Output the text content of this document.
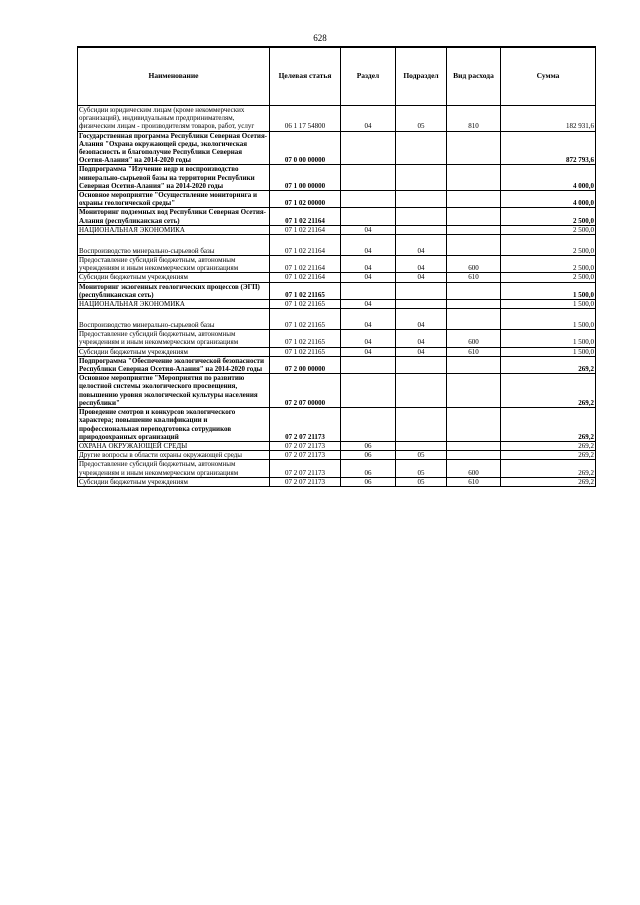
628
Наименование	Целевая статья	Раздел	Подраздел	Вид расхода	Сумма
Субсидии юридическим лицам (кроме некоммерческих организаций), индивидуальным предпринимателям, физическим лицам - производителям товаров, работ, услуг	06 1 17 54800	04	05	810	182 931,6
Государственная программа Республики Северная Осетия-Алания "Охрана окружающей среды, экологическая безопасность и благополучие Республики Северная Осетия-Алания" на 2014-2020 годы	07 0 00 00000				872 793,6
Подпрограмма "Изучение недр и воспроизводство минерально-сырьевой базы на территории Республики Северная Осетия-Алания" на 2014-2020 годы	07 1 00 00000				4 000,0
Основное мероприятие "Осуществление мониторинга и охраны геологической среды"	07 1 02 00000				4 000,0
Мониторинг подземных вод Республики Северная Осетия-Алания (республиканская сеть)	07 1 02 21164				2 500,0
НАЦИОНАЛЬНАЯ ЭКОНОМИКА	07 1 02 21164	04			2 500,0
Воспроизводство минерально-сырьевой базы	07 1 02 21164	04	04		2 500,0
Предоставление субсидий бюджетным, автономным учреждениям и иным некоммерческим организациям	07 1 02 21164	04	04	600	2 500,0
Субсидии бюджетным учреждениям	07 1 02 21164	04	04	610	2 500,0
Мониторинг экзогенных геологических процессов (ЭГП) (республиканская сеть)	07 1 02 21165				1 500,0
НАЦИОНАЛЬНАЯ ЭКОНОМИКА	07 1 02 21165	04			1 500,0
Воспроизводство минерально-сырьевой базы	07 1 02 21165	04	04		1 500,0
Предоставление субсидий бюджетным, автономным учреждениям и иным некоммерческим организациям	07 1 02 21165	04	04	600	1 500,0
Субсидии бюджетным учреждениям	07 1 02 21165	04	04	610	1 500,0
Подпрограмма "Обеспечение экологической безопасности Республики Северная Осетия-Алания" на 2014-2020 годы	07 2 00 00000				269,2
Основное мероприятие "Мероприятия по развитию целостной системы экологического просвещения, повышению уровня экологической культуры населения республики"	07 2 07 00000				269,2
Проведение смотров и конкурсов экологического характера; повышение квалификации и профессиональная переподготовка сотрудников природоохранных организаций	07 2 07 21173				269,2
ОХРАНА ОКРУЖАЮЩЕЙ СРЕДЫ	07 2 07 21173	06			269,2
Другие вопросы в области охраны окружающей среды	07 2 07 21173	06	05		269,2
Предоставление субсидий бюджетным, автономным учреждениям и иным некоммерческим организациям	07 2 07 21173	06	05	600	269,2
Субсидии бюджетным учреждениям	07 2 07 21173	06	05	610	269,2
